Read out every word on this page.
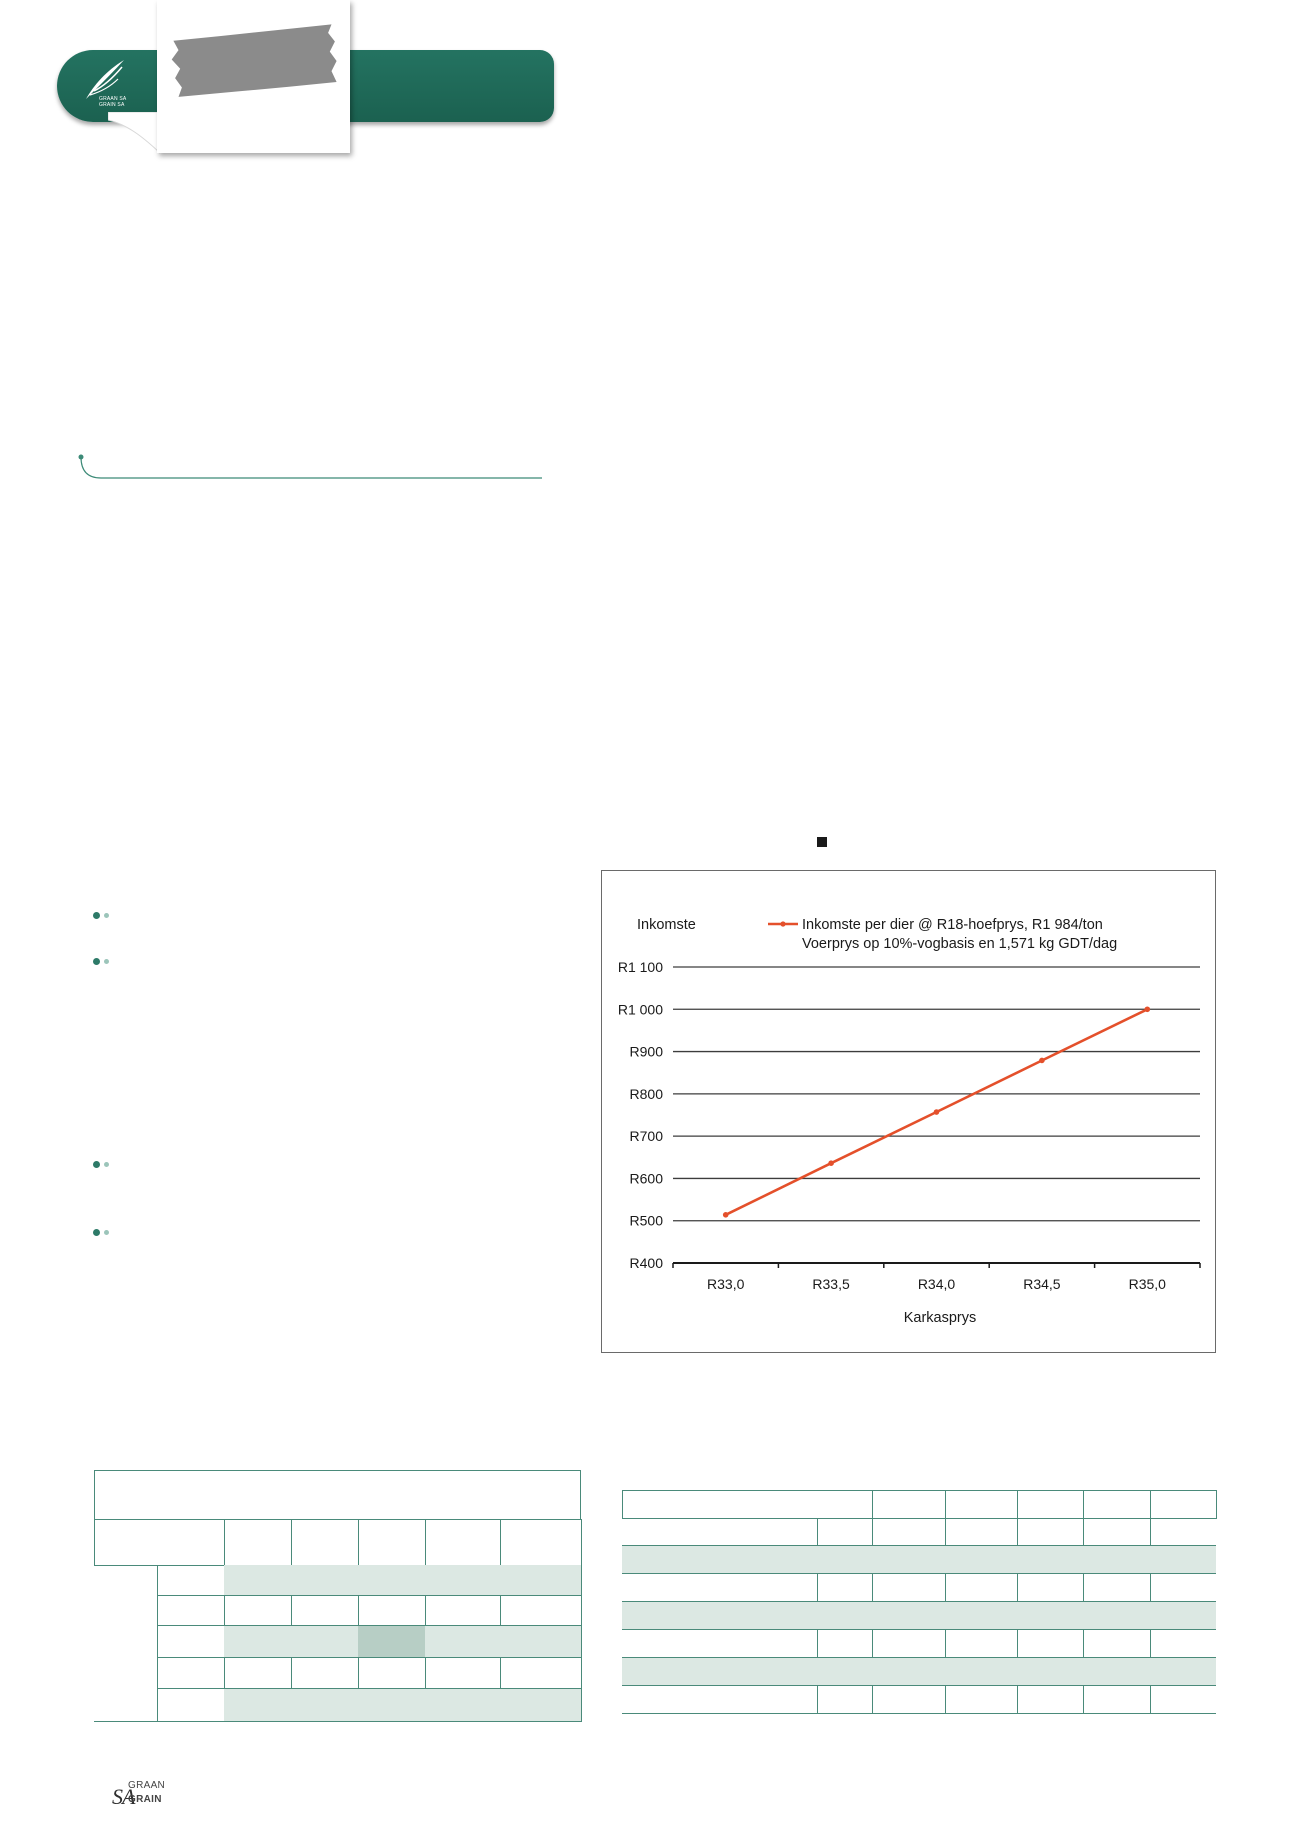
GRAAN SA
GRAIN SA
Inkomste	Inkomste per dier @ R18-hoefprys, R1 984/ton
Voerprys op 10%-vogbasis en 1,571 kg GDT/dag
Karkasprys
R400
R500
R600
R700
R800
R900
R1 000
R1 100
R33,0	R33,5	R34,0	R34,5	R35,0
SA
GRAAN
GRAIN
